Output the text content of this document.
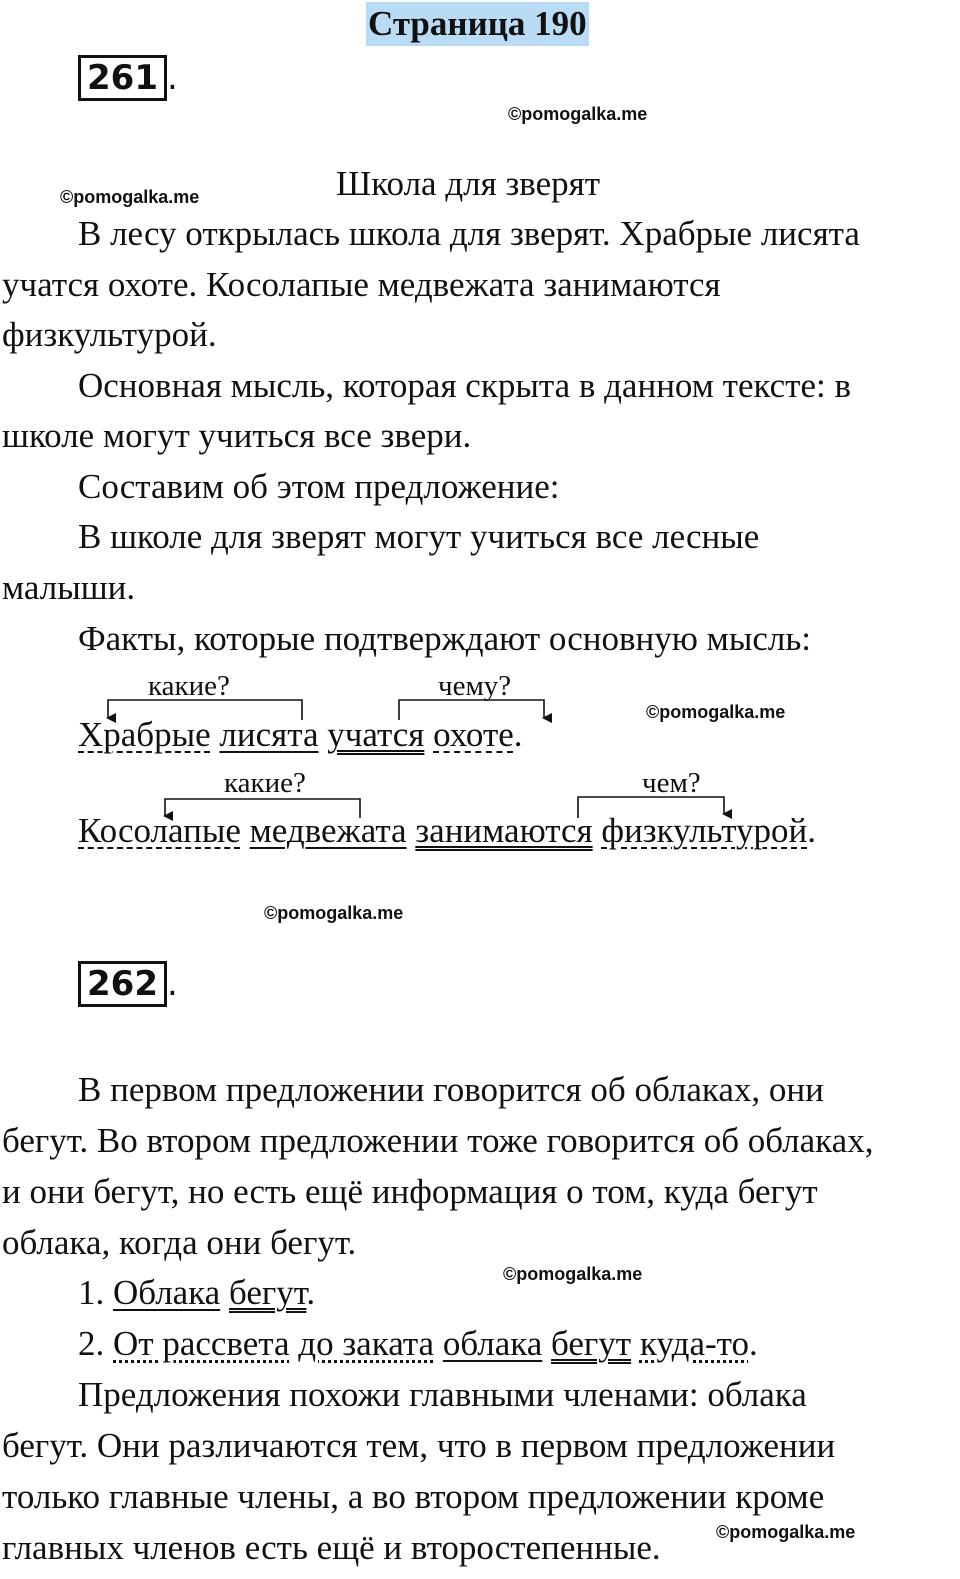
Страница 190
261 .
©pomogalka.me
©pomogalka.me	Школа для зверят
В лесу открылась школа для зверят. Храбрые лисята
учатся охоте. Косолапые медвежата занимаются
физкультурой.
Основная мысль, которая скрыта в данном тексте: в
школе могут учиться все звери.
Составим об этом предложение:
В школе для зверят могут учиться все лесные
малыши.
Факты, которые подтверждают основную мысль:
какие?	чему?
©pomogalka.me
Храбрые лисята учатся охоте.
какие?	чем?
Косолапые медвежата занимаются физкультурой.
©pomogalka.me
262 .
В первом предложении говорится об облаках, они
бегут. Во втором предложении тоже говорится об облаках,
и они бегут, но есть ещё информация о том, куда бегут
облака, когда они бегут.
©pomogalka.me
1. Облака бегут.
2. От рассвета до заката облака бегут куда-то.
Предложения похожи главными членами: облака
бегут. Они различаются тем, что в первом предложении
только главные члены, а во втором предложении кроме
главных членов есть ещё и второстепенные.	©pomogalka.me
